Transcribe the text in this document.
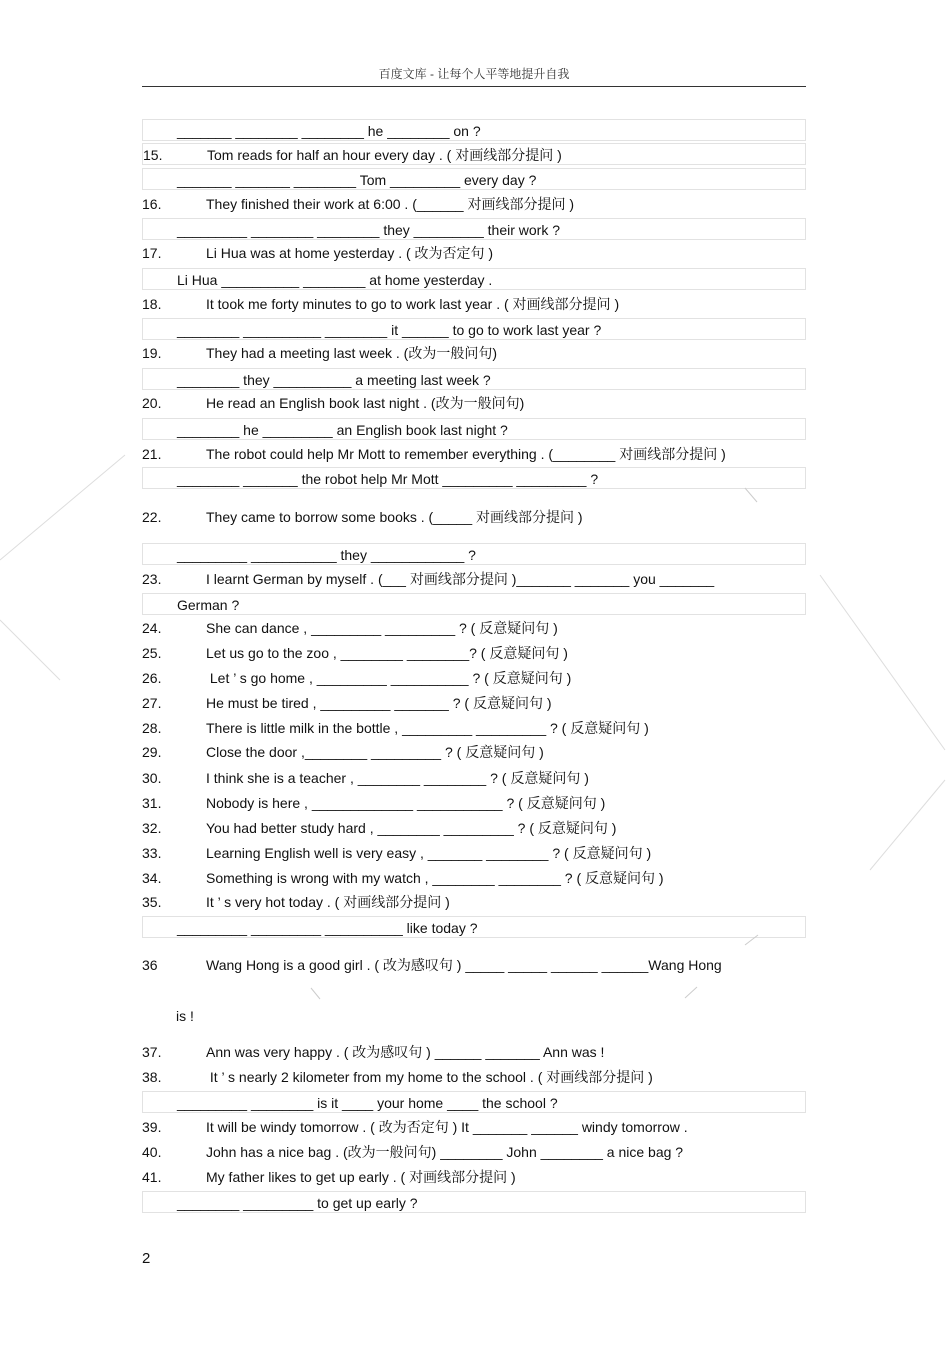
百度文库 - 让每个人平等地提升自我
_______ ________ ________ he ________ on ?
15.	Tom reads for half an hour every day . ( 对画线部分提问 )
_______ _______ ________ Tom _________ every day ?
16.	They finished their work at 6:00 . (______ 对画线部分提问 )
_________ ________ ________ they _________ their work ?
17.	Li Hua was at home yesterday . ( 改为否定句 )
Li Hua __________ ________ at home yesterday .
18.	It took me forty minutes to go to work last year . ( 对画线部分提问 )
________ __________ ________ it ______ to go to work last year ?
19.	They had a meeting last week . (改为一般问句)
________ they __________ a meeting last week ?
20.	He read an English book last night . (改为一般问句)
________ he _________ an English book last night ?
21.	The robot could help Mr Mott to remember everything . (________ 对画线部分提问 )
________ _______ the robot help Mr Mott _________ _________ ?
22.	They came to borrow some books . (_____ 对画线部分提问 )
_________ ___________ they ____________ ?
23.	I learnt German by myself . (___ 对画线部分提问 )_______ _______ you _______
German ?
24.	She can dance , _________ _________ ? ( 反意疑问句 )
25.	Let us go to the zoo , ________ ________? ( 反意疑问句 )
26.	Let ’ s go home , _________ __________ ? ( 反意疑问句 )
27.	He must be tired , _________ _______ ? ( 反意疑问句 )
28.	There is little milk in the bottle , _________ _________ ? ( 反意疑问句 )
29.	Close the door ,________ _________ ? ( 反意疑问句 )
30.	I think she is a teacher , ________ ________ ? ( 反意疑问句 )
31.	Nobody is here , _____________ ___________ ? ( 反意疑问句 )
32.	You had better study hard , ________ _________ ? ( 反意疑问句 )
33.	Learning English well is very easy , _______ ________ ? ( 反意疑问句 )
34.	Something is wrong with my watch , ________ ________ ? ( 反意疑问句 )
35.	It ’ s very hot today . ( 对画线部分提问 )
_________ _________ __________ like today ?
36	Wang Hong is a good girl . ( 改为感叹句 ) _____ _____ ______ ______Wang Hong
is !
37.	Ann was very happy . ( 改为感叹句 ) ______ _______ Ann was !
38.	It ’ s nearly 2 kilometer from my home to the school . ( 对画线部分提问 )
_________ ________ is it ____ your home ____ the school ?
39.	It will be windy tomorrow . ( 改为否定句 ) It _______ ______ windy tomorrow .
40.	John has a nice bag . (改为一般问句) ________ John ________ a nice bag ?
41.	My father likes to get up early . ( 对画线部分提问 )
________ _________ to get up early ?
2
